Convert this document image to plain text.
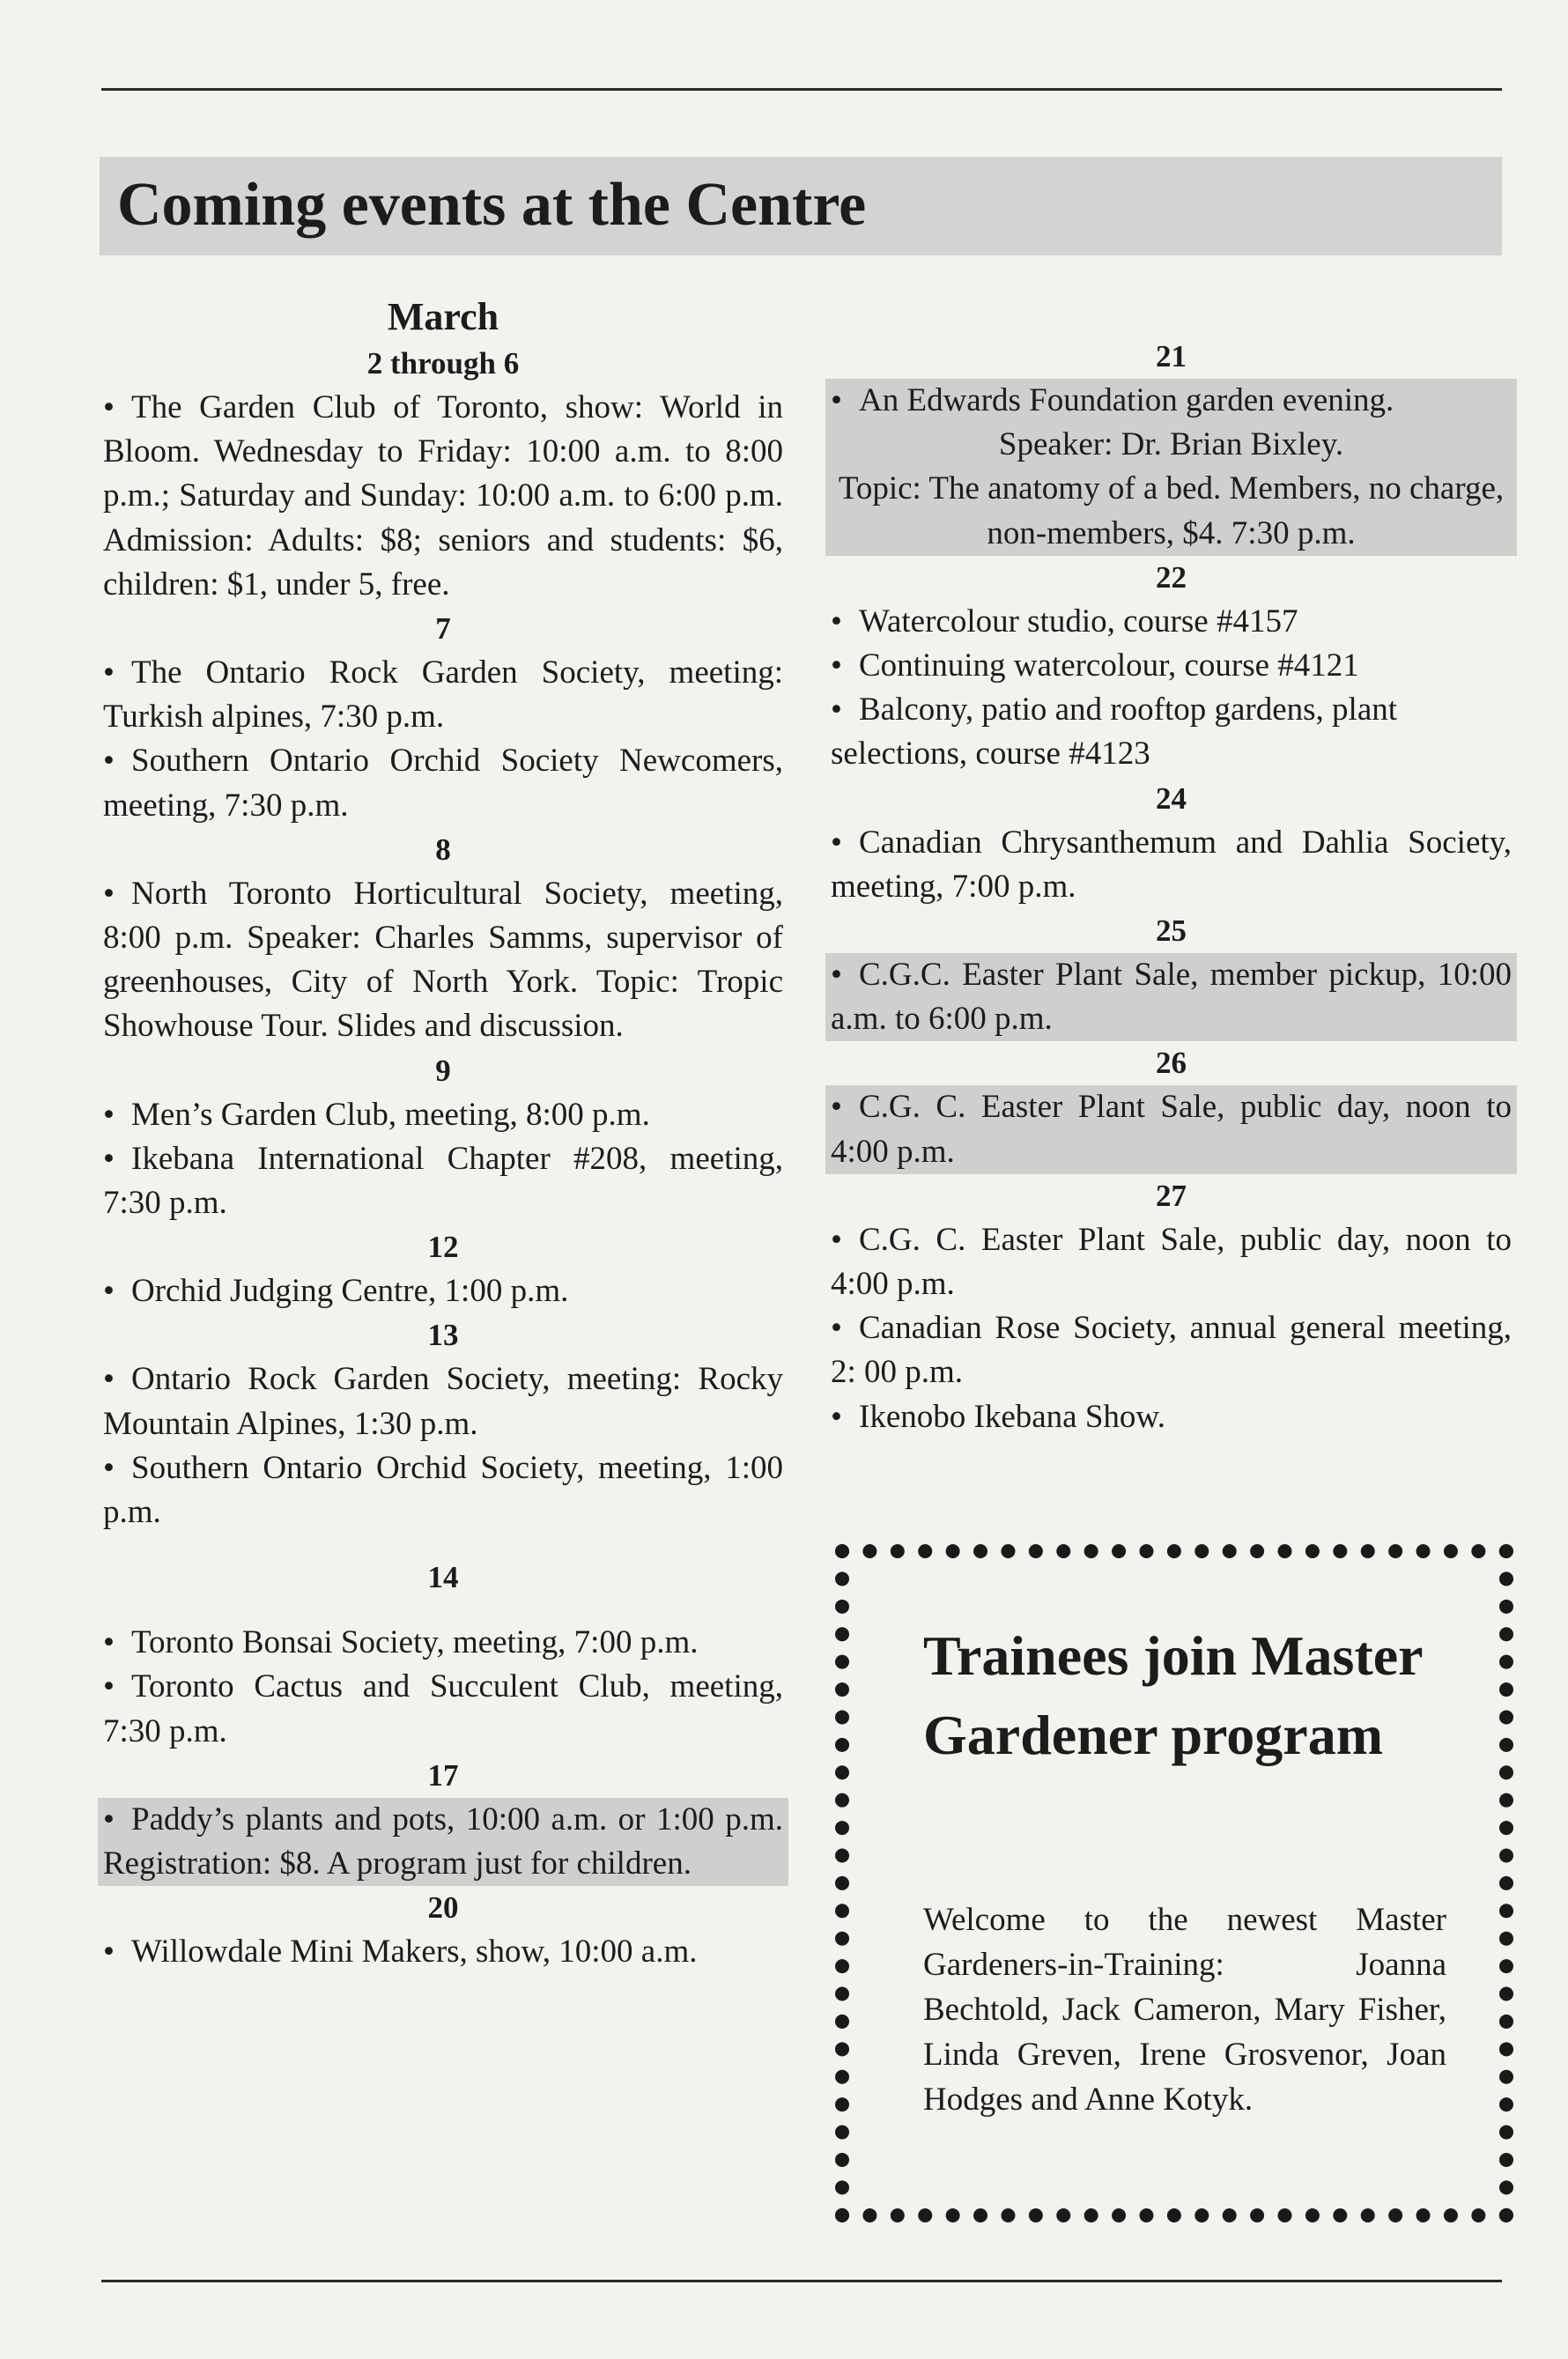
Coming events at the Centre
March
2 through 6

• The Garden Club of Toronto, show: World in Bloom. Wednesday to Friday: 10:00 a.m. to 8:00 p.m.; Saturday and Sunday: 10:00 a.m. to 6:00 p.m. Admission: Adults: $8; seniors and students: $6, children: $1, under 5, free.

7

• The Ontario Rock Garden Society, meeting: Turkish alpines, 7:30 p.m.

• Southern Ontario Orchid Society Newcomers, meeting, 7:30 p.m.

8

• North Toronto Horticultural Society, meeting, 8:00 p.m. Speaker: Charles Samms, supervisor of greenhouses, City of North York. Topic: Tropic Showhouse Tour. Slides and discussion.

9

• Men’s Garden Club, meeting, 8:00 p.m.

• Ikebana International Chapter #208, meeting, 7:30 p.m.

12

• Orchid Judging Centre, 1:00 p.m.

13

• Ontario Rock Garden Society, meeting: Rocky Mountain Alpines, 1:30 p.m.

• Southern Ontario Orchid Society, meeting, 1:00 p.m.

14

• Toronto Bonsai Society, meeting, 7:00 p.m.

• Toronto Cactus and Succulent Club, meeting, 7:30 p.m.

17

• Paddy’s plants and pots, 10:00 a.m. or 1:00 p.m. Registration: $8. A program just for children.

20

• Willowdale Mini Makers, show, 10:00 a.m.

21

• An Edwards Foundation garden evening.

Speaker: Dr. Brian Bixley.

Topic: The anatomy of a bed. Members, no charge, non-members, $4. 7:30 p.m.

22

• Watercolour studio, course #4157

• Continuing watercolour, course #4121

• Balcony, patio and rooftop gardens, plant selections, course #4123

24

• Canadian Chrysanthemum and Dahlia Society, meeting, 7:00 p.m.

25

• C.G.C. Easter Plant Sale, member pickup, 10:00 a.m. to 6:00 p.m.

26

• C.G. C. Easter Plant Sale, public day, noon to 4:00 p.m.

27

• C.G. C. Easter Plant Sale, public day, noon to 4:00 p.m.

• Canadian Rose Society, annual general meeting, 2: 00 p.m.

• Ikenobo Ikebana Show.

Trainees join Master Gardener program

Welcome to the newest Master Gardeners-in-Training: Joanna Bechtold, Jack Cameron, Mary Fisher, Linda Greven, Irene Grosvenor, Joan Hodges and Anne Kotyk.
